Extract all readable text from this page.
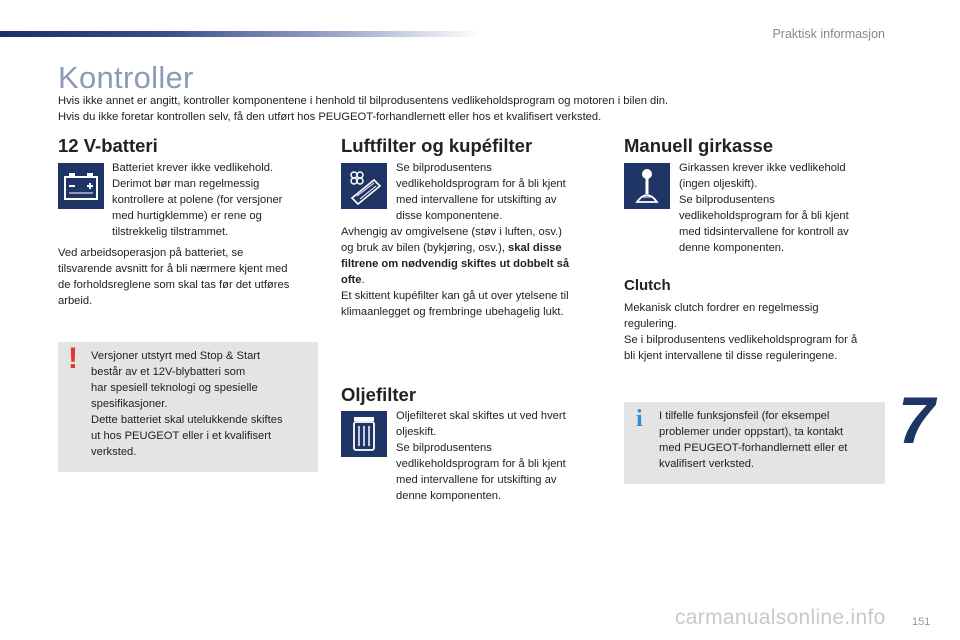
Praktisk informasjon
Kontroller
Hvis ikke annet er angitt, kontroller komponentene i henhold til bilprodusentens vedlikeholdsprogram og motoren i bilen din.
Hvis du ikke foretar kontrollen selv, få den utført hos PEUGEOT-forhandlernett eller hos et kvalifisert verksted.
12 V-batteri

Batteriet krever ikke vedlikehold.

Derimot bør man regelmessig

kontrollere at polene (for versjoner

med hurtigklemme) er rene og

tilstrekkelig tilstrammet.

Ved arbeidsoperasjon på batteriet, se

tilsvarende avsnitt for å bli nærmere kjent med

de forholdsreglene som skal tas før det utføres

arbeid.

! Versjoner utstyrt med Stop & Start

består av et 12V-blybatteri som

har spesiell teknologi og spesielle

spesifikasjoner.

Dette batteriet skal utelukkende skiftes

ut hos PEUGEOT eller i et kvalifisert

verksted.

Luftfilter og kupéfilter

Se bilprodusentens

vedlikeholdsprogram for å bli kjent

med intervallene for utskifting av

disse komponentene.

Avhengig av omgivelsene (støv i luften, osv.)

og bruk av bilen (bykjøring, osv.), skal disse

filtrene om nødvendig skiftes ut dobbelt så

ofte.

Et skittent kupéfilter kan gå ut over ytelsene til

klimaanlegget og frembringe ubehagelig lukt.

Oljefilter

Oljefilteret skal skiftes ut ved hvert

oljeskift.

Se bilprodusentens

vedlikeholdsprogram for å bli kjent

med intervallene for utskifting av

denne komponenten.

Manuell girkasse

Girkassen krever ikke vedlikehold

(ingen oljeskift).

Se bilprodusentens

vedlikeholdsprogram for å bli kjent

med tidsintervallene for kontroll av

denne komponenten.

Clutch

Mekanisk clutch fordrer en regelmessig

regulering.

Se i bilprodusentens vedlikeholdsprogram for å

bli kjent intervallene til disse reguleringene.

i I tilfelle funksjonsfeil (for eksempel

problemer under oppstart), ta kontakt

med PEUGEOT-forhandlernett eller et

kvalifisert verksted.

7
carmanualsonline.info 151
